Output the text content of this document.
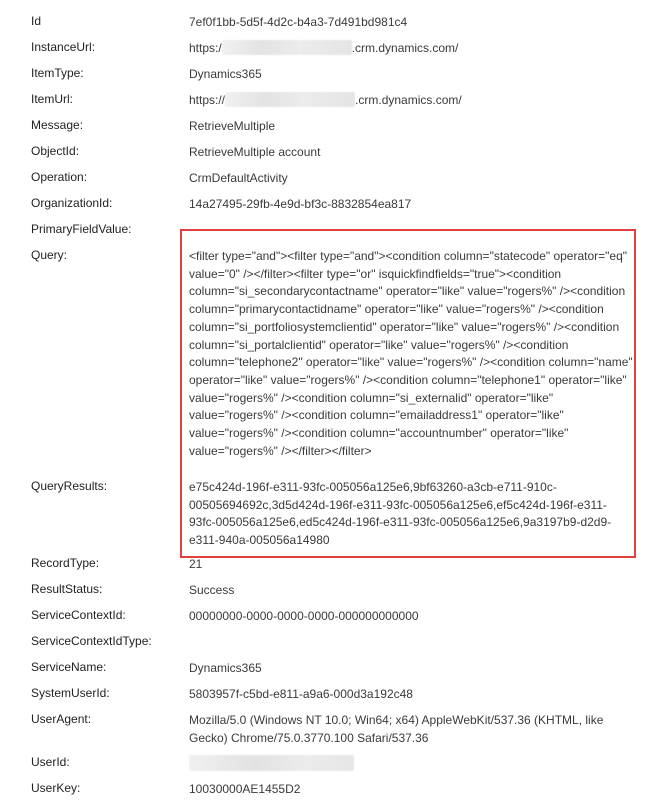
Id	7ef0f1bb-5d5f-4d2c-b4a3-7d491bd981c4
InstanceUrl:	https:/	.crm.dynamics.com/
ItemType:	Dynamics365
ItemUrl:	https://	.crm.dynamics.com/
Message:	RetrieveMultiple
ObjectId:	RetrieveMultiple account
Operation:	CrmDefaultActivity
OrganizationId:	14a27495-29fb-4e9d-bf3c-8832854ea817
PrimaryFieldValue:
Query:	<filter type="and"><filter type="and"><condition column="statecode" operator="eq" value="0" /></filter><filter type="or" isquickfindfields="true"><condition column="si_secondarycontactname" operator="like" value="rogers%" /><condition column="primarycontactidname" operator="like" value="rogers%" /><condition column="si_portfoliosystemclientid" operator="like" value="rogers%" /><condition column="si_portalclientid" operator="like" value="rogers%" /><condition column="telephone2" operator="like" value="rogers%" /><condition column="name" operator="like" value="rogers%" /><condition column="telephone1" operator="like" value="rogers%" /><condition column="si_externalid" operator="like" value="rogers%" /><condition column="emailaddress1" operator="like" value="rogers%" /><condition column="accountnumber" operator="like" value="rogers%" /></filter></filter>
QueryResults:	e75c424d-196f-e311-93fc-005056a125e6,9bf63260-a3cb-e711-910c-00505694692c,3d5d424d-196f-e311-93fc-005056a125e6,ef5c424d-196f-e311-93fc-005056a125e6,ed5c424d-196f-e311-93fc-005056a125e6,9a3197b9-d2d9-e311-940a-005056a14980
RecordType:	21
ResultStatus:	Success
ServiceContextId:	00000000-0000-0000-0000-000000000000
ServiceContextIdType:
ServiceName:	Dynamics365
SystemUserId:	5803957f-c5bd-e811-a9a6-000d3a192c48
UserAgent:	Mozilla/5.0 (Windows NT 10.0; Win64; x64) AppleWebKit/537.36 (KHTML, like Gecko) Chrome/75.0.3770.100 Safari/537.36
UserId:
UserKey:	10030000AE1455D2
